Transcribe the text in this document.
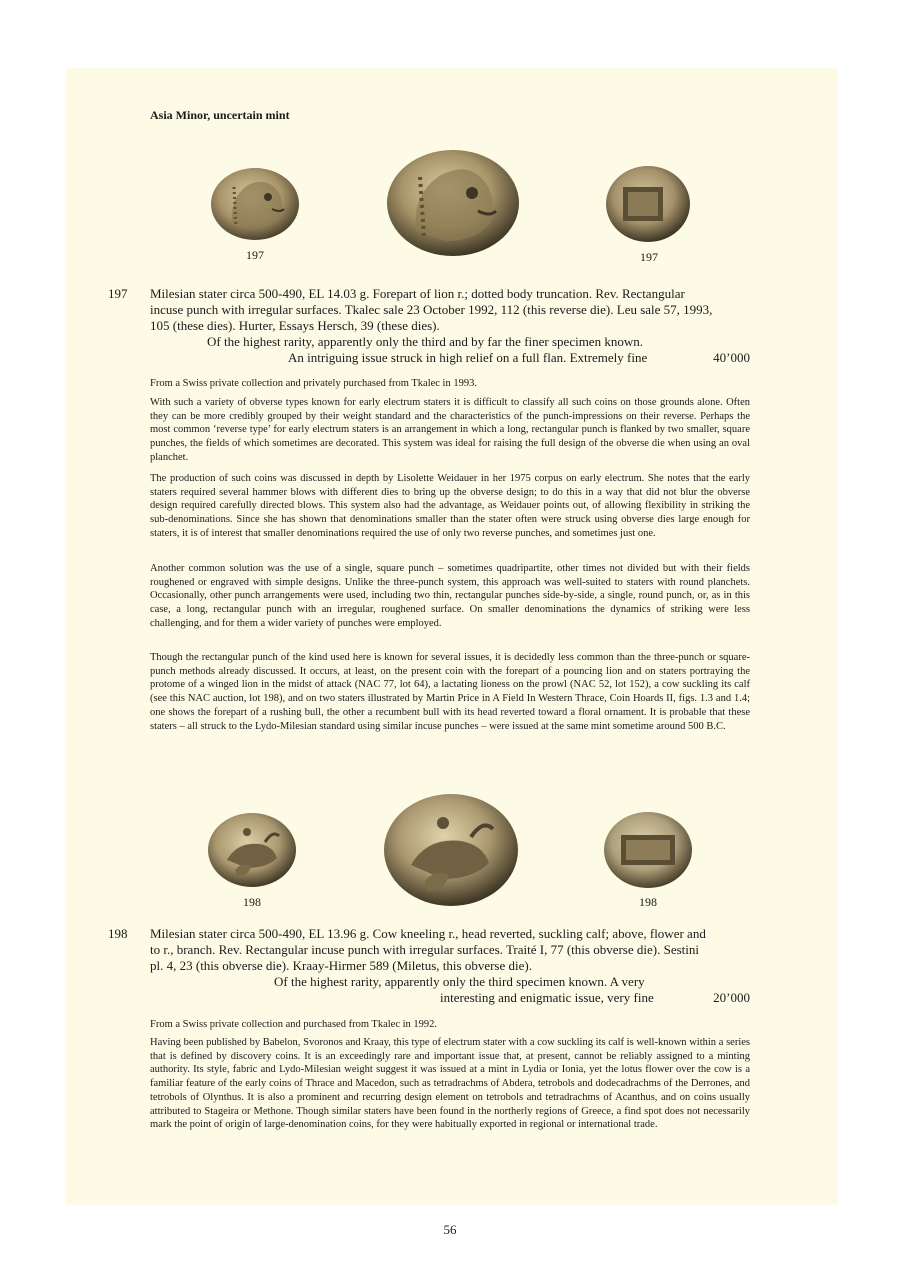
Asia Minor, uncertain mint
197	197
197 Milesian stater circa 500-490, EL 14.03 g. Forepart of lion r.; dotted body truncation. Rev. Rectangular
incuse punch with irregular surfaces. Tkalec sale 23 October 1992, 112 (this reverse die). Leu sale 57, 1993,
105 (these dies). Hurter, Essays Hersch, 39 (these dies).
Of the highest rarity, apparently only the third and by far the finer specimen known.
An intriguing issue struck in high relief on a full flan. Extremely fine	40’000
From a Swiss private collection and privately purchased from Tkalec in 1993.
With such a variety of obverse types known for early electrum staters it is difficult to classify all such coins on those grounds alone. Often they can be more credibly grouped by their weight standard and the characteristics of the punch-impressions on their reverse. Perhaps the most common ‘reverse type’ for early electrum staters is an arrangement in which a long, rectangular punch is flanked by two smaller, square punches, the fields of which sometimes are decorated. This system was ideal for raising the full design of the obverse die when using an oval planchet.
The production of such coins was discussed in depth by Lisolette Weidauer in her 1975 corpus on early electrum. She notes that the early staters required several hammer blows with different dies to bring up the obverse design; to do this in a way that did not blur the obverse design required carefully directed blows. This system also had the advantage, as Weidauer points out, of allowing flexibility in striking the sub-denominations. Since she has shown that denominations smaller than the stater often were struck using obverse dies large enough for staters, it is of interest that smaller denominations required the use of only two reverse punches, and sometimes just one.
Another common solution was the use of a single, square punch – sometimes quadripartite, other times not divided but with their fields roughened or engraved with simple designs. Unlike the three-punch system, this approach was well-suited to staters with round planchets. Occasionally, other punch arrangements were used, including two thin, rectangular punches side-by-side, a single, round punch, or, as in this case, a long, rectangular punch with an irregular, roughened surface. On smaller denominations the dynamics of striking were less challenging, and for them a wider variety of punches were employed.
Though the rectangular punch of the kind used here is known for several issues, it is decidedly less common than the three-punch or square-punch methods already discussed. It occurs, at least, on the present coin with the forepart of a pouncing lion and on staters portraying the protome of a winged lion in the midst of attack (NAC 77, lot 64), a lactating lioness on the prowl (NAC 52, lot 152), a cow suckling its calf (see this NAC auction, lot 198), and on two staters illustrated by Martin Price in A Field In Western Thrace, Coin Hoards II, figs. 1.3 and 1.4; one shows the forepart of a rushing bull, the other a recumbent bull with its head reverted toward a floral ornament. It is probable that these staters – all struck to the Lydo-Milesian standard using similar incuse punches – were issued at the same mint sometime around 500 B.C.
198	198
198 Milesian stater circa 500-490, EL 13.96 g. Cow kneeling r., head reverted, suckling calf; above, flower and
to r., branch. Rev. Rectangular incuse punch with irregular surfaces. Traité I, 77 (this obverse die). Sestini
pl. 4, 23 (this obverse die). Kraay-Hirmer 589 (Miletus, this obverse die).
Of the highest rarity, apparently only the third specimen known. A very
interesting and enigmatic issue, very fine	20’000
From a Swiss private collection and purchased from Tkalec in 1992.
Having been published by Babelon, Svoronos and Kraay, this type of electrum stater with a cow suckling its calf is well-known within a series that is defined by discovery coins. It is an exceedingly rare and important issue that, at present, cannot be reliably assigned to a minting authority. Its style, fabric and Lydo-Milesian weight suggest it was issued at a mint in Lydia or Ionia, yet the lotus flower over the cow is a familiar feature of the early coins of Thrace and Macedon, such as tetradrachms of Abdera, tetrobols and dodecadrachms of the Derrones, and tetrobols of Olynthus. It is also a prominent and recurring design element on tetrobols and tetradrachms of Acanthus, and on coins usually attributed to Stageira or Methone. Though similar staters have been found in the northerly regions of Greece, a find spot does not necessarily mark the point of origin of large-denomination coins, for they were habitually exported in regional or international trade.
56
